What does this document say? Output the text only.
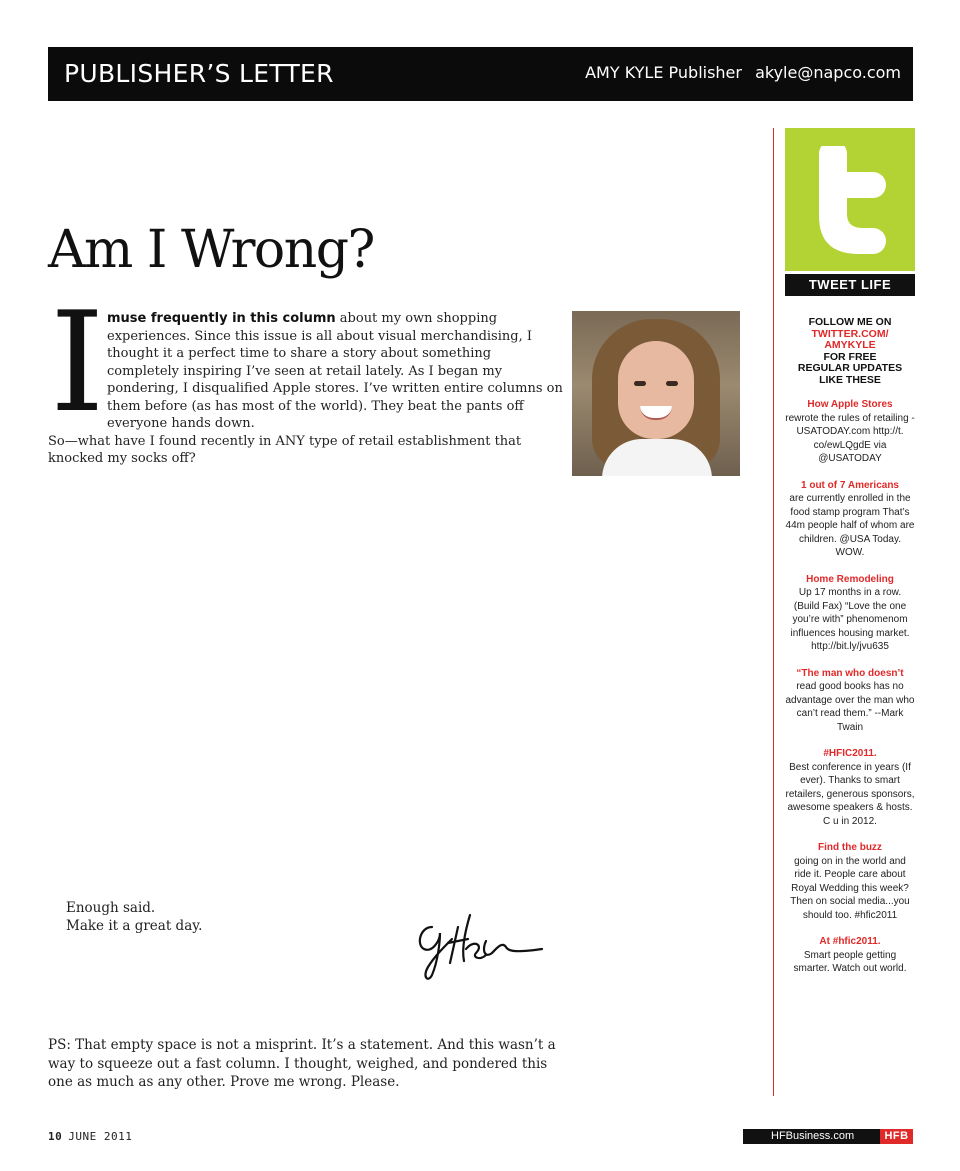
PUBLISHER’S LETTER	AMY KYLE Publisher akyle@napco.com
Am I Wrong?
I muse frequently in this column about my own shopping experiences. Since this issue is all about visual merchandising, I thought it a perfect time to share a story about something completely inspiring I’ve seen at retail lately. As I began my pondering, I disqualified Apple stores. I’ve written entire columns on them before (as has most of the world). They beat the pants off everyone hands down.

So—what have I found recently in ANY type of retail establishment that knocked my socks off?

Enough said.
Make it a great day.
PS: That empty space is not a misprint. It’s a statement. And this wasn’t a way to squeeze out a fast column. I thought, weighed, and pondered this one as much as any other. Prove me wrong. Please.
TWEET LIFE
FOLLOW ME ON
TWITTER.COM/
AMYKYLE
FOR FREE
REGULAR UPDATES
LIKE THESE
How Apple Stores
rewrote the rules of retailing - USATODAY.com http://t. co/ewLQgdE via @USATODAY
1 out of 7 Americans
are currently enrolled in the food stamp program That’s 44m people half of whom are children. @USA Today. WOW.
Home Remodeling
Up 17 months in a row. (Build Fax) “Love the one you’re with” phenomenom influences housing market. http://bit.ly/jvu635
“The man who doesn’t
read good books has no advantage over the man who can’t read them.” --Mark Twain
#HFIC2011.
Best conference in years (If ever). Thanks to smart retailers, generous sponsors, awesome speakers & hosts. C u in 2012.
Find the buzz
going on in the world and ride it. People care about Royal Wedding this week? Then on social media...you should too. #hfic2011
At #hfic2011.
Smart people getting smarter. Watch out world.
10 JUNE 2011	HFBusiness.com	HFB
